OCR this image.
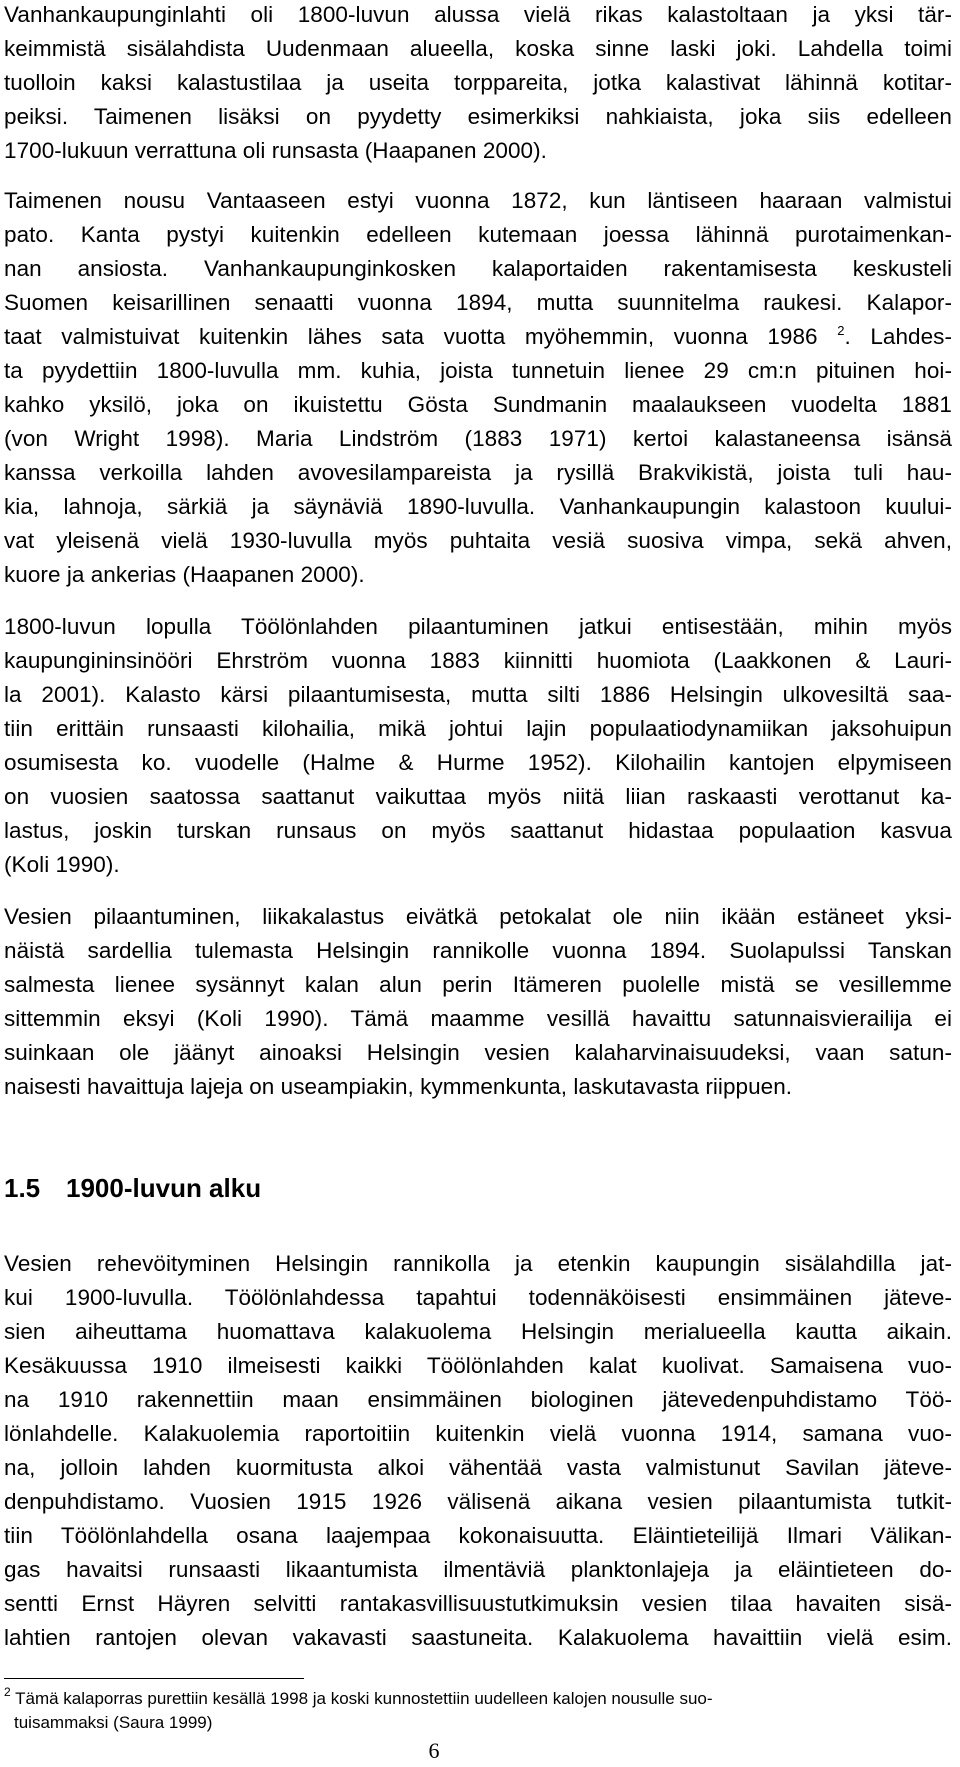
Vanhankaupunginlahti oli 1800-luvun alussa vielä rikas kalastoltaan ja yksi tär-
keimmistä sisälahdista Uudenmaan alueella, koska sinne laski joki. Lahdella toimi
tuolloin kaksi kalastustilaa ja useita torppareita, jotka kalastivat lähinnä kotitar-
peiksi. Taimenen lisäksi on pyydetty esimerkiksi nahkiaista, joka siis edelleen
1700-lukuun verrattuna oli runsasta (Haapanen 2000).
Taimenen nousu Vantaaseen estyi vuonna 1872, kun läntiseen haaraan valmistui
pato. Kanta pystyi kuitenkin edelleen kutemaan joessa lähinnä purotaimenkan-
nan ansiosta. Vanhankaupunginkosken kalaportaiden rakentamisesta keskusteli
Suomen keisarillinen senaatti vuonna 1894, mutta suunnitelma raukesi. Kalapor-
taat valmistuivat kuitenkin lähes sata vuotta myöhemmin, vuonna 1986 $^2$. Lahdes-
ta pyydettiin 1800-luvulla mm. kuhia, joista tunnetuin lienee 29 cm:n pituinen hoi-
kahko yksilö, joka on ikuistettu Gösta Sundmanin maalaukseen vuodelta 1881
(von Wright 1998). Maria Lindström (1883 1971) kertoi kalastaneensa isänsä
kanssa verkoilla lahden avovesilampareista ja rysillä Brakvikistä, joista tuli hau-
kia, lahnoja, särkiä ja säynäviä 1890-luvulla. Vanhankaupungin kalastoon kuului-
vat yleisenä vielä 1930-luvulla myös puhtaita vesiä suosiva vimpa, sekä ahven,
kuore ja ankerias (Haapanen 2000).
1800-luvun lopulla Töölönlahden pilaantuminen jatkui entisestään, mihin myös
kaupungininsinööri Ehrström vuonna 1883 kiinnitti huomiota (Laakkonen & Lauri-
la 2001). Kalasto kärsi pilaantumisesta, mutta silti 1886 Helsingin ulkovesiltä saa-
tiin erittäin runsaasti kilohailia, mikä johtui lajin populaatiodynamiikan jaksohuipun
osumisesta ko. vuodelle (Halme & Hurme 1952). Kilohailin kantojen elpymiseen
on vuosien saatossa saattanut vaikuttaa myös niitä liian raskaasti verottanut ka-
lastus, joskin turskan runsaus on myös saattanut hidastaa populaation kasvua
(Koli 1990).
Vesien pilaantuminen, liikakalastus eivätkä petokalat ole niin ikään estäneet yksi-
näistä sardellia tulemasta Helsingin rannikolle vuonna 1894. Suolapulssi Tanskan
salmesta lienee sysännyt kalan alun perin Itämeren puolelle mistä se vesillemme
sittemmin eksyi (Koli 1990). Tämä maamme vesillä havaittu satunnaisvierailija ei
suinkaan ole jäänyt ainoaksi Helsingin vesien kalaharvinaisuudeksi, vaan satun-
naisesti havaittuja lajeja on useampiakin, kymmenkunta, laskutavasta riippuen.
1.5 1900-luvun alku
Vesien rehevöityminen Helsingin rannikolla ja etenkin kaupungin sisälahdilla jat-
kui 1900-luvulla. Töölönlahdessa tapahtui todennäköisesti ensimmäinen jäteve-
sien aiheuttama huomattava kalakuolema Helsingin merialueella kautta aikain.
Kesäkuussa 1910 ilmeisesti kaikki Töölönlahden kalat kuolivat. Samaisena vuo-
na 1910 rakennettiin maan ensimmäinen biologinen jätevedenpuhdistamo Töö-
lönlahdelle. Kalakuolemia raportoitiin kuitenkin vielä vuonna 1914, samana vuo-
na, jolloin lahden kuormitusta alkoi vähentää vasta valmistunut Savilan jäteve-
denpuhdistamo. Vuosien 1915 1926 välisenä aikana vesien pilaantumista tutkit-
tiin Töölönlahdella osana laajempaa kokonaisuutta. Eläintieteilijä Ilmari Välikan-
gas havaitsi runsaasti likaantumista ilmentäviä planktonlajeja ja eläintieteen do-
sentti Ernst Häyren selvitti rantakasvillisuustutkimuksin vesien tilaa havaiten sisä-
lahtien rantojen olevan vakavasti saastuneita. Kalakuolema havaittiin vielä esim.
$^2$ Tämä kalaporras purettiin kesällä 1998 ja koski kunnostettiin uudelleen kalojen nousulle suo-
tuisammaksi (Saura 1999)
6
